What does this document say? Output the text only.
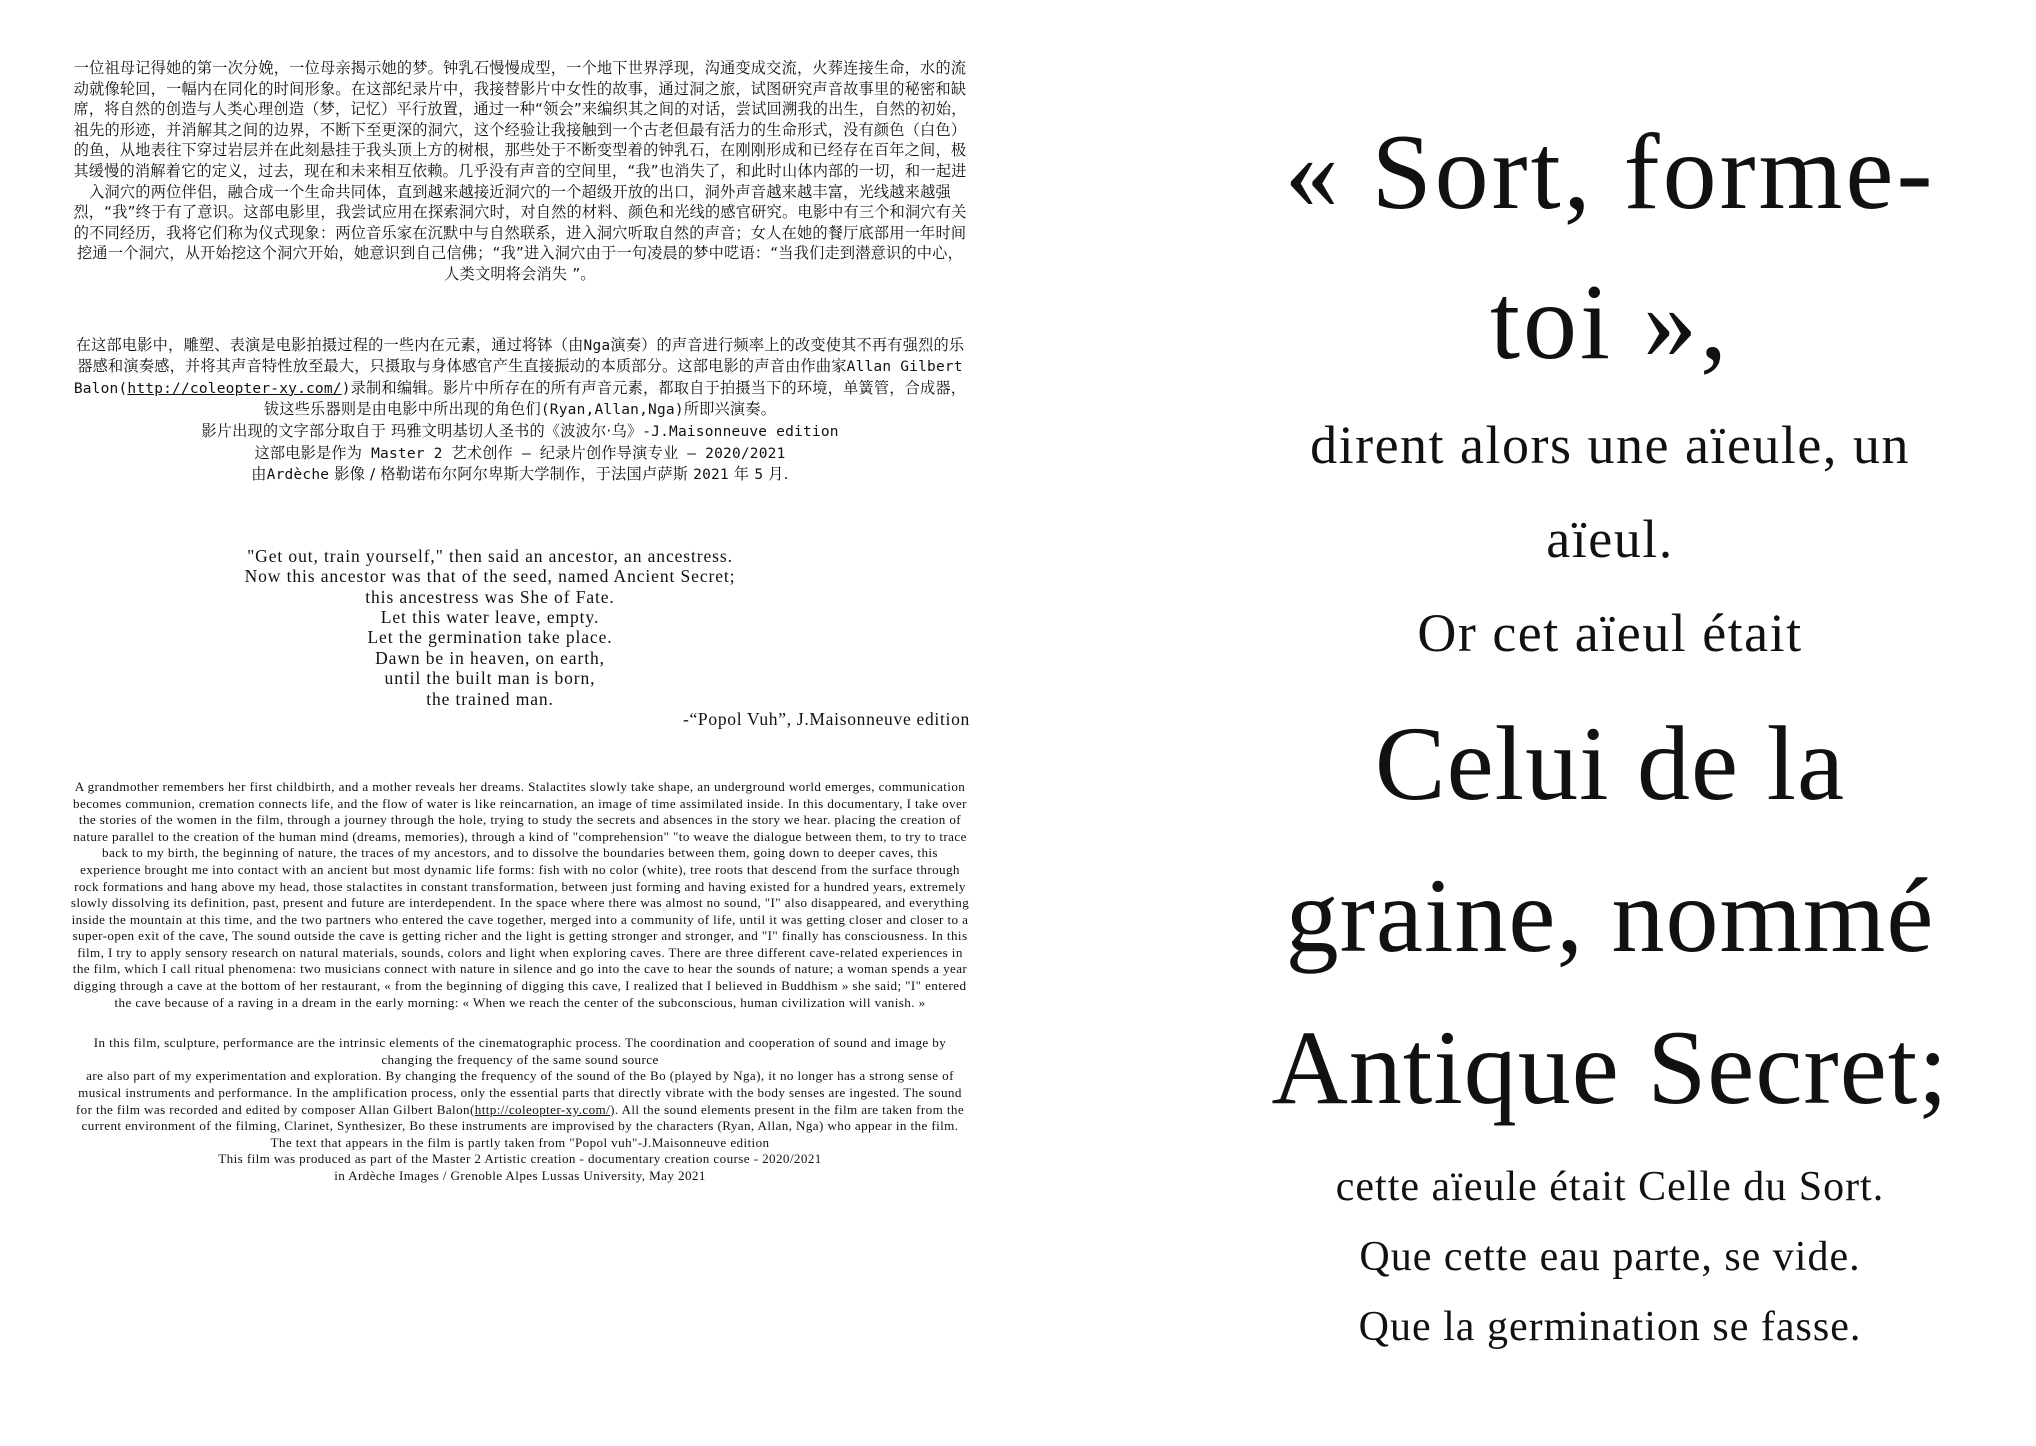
一位祖母记得她的第一次分娩，一位母亲揭示她的梦。钟乳石慢慢成型，一个地下世界浮现，沟通变成交流，火葬连接生命，水的流动就像轮回，一幅内在同化的时间形象。在这部纪录片中，我接替影片中女性的故事，通过洞之旅，试图研究声音故事里的秘密和缺席，将自然的创造与人类心理创造（梦，记忆）平行放置，通过一种“领会”来编织其之间的对话，尝试回溯我的出生，自然的初始，祖先的形迹，并消解其之间的边界，不断下至更深的洞穴，这个经验让我接触到一个古老但最有活力的生命形式，没有颜色（白色）的鱼，从地表往下穿过岩层并在此刻悬挂于我头顶上方的树根，那些处于不断变型着的钟乳石，在刚刚形成和已经存在百年之间，极其缓慢的消解着它的定义，过去，现在和未来相互依赖。几乎没有声音的空间里，“我”也消失了，和此时山体内部的一切，和一起进入洞穴的两位伴侣，融合成一个生命共同体，直到越来越接近洞穴的一个超级开放的出口，洞外声音越来越丰富，光线越来越强烈，“我”终于有了意识。这部电影里，我尝试应用在探索洞穴时，对自然的材料、颜色和光线的感官研究。电影中有三个和洞穴有关的不同经历，我将它们称为仪式现象：两位音乐家在沉默中与自然联系，进入洞穴听取自然的声音；女人在她的餐厅底部用一年时间挖通一个洞穴，从开始挖这个洞穴开始，她意识到自己信佛；“我”进入洞穴由于一句凌晨的梦中呓语：“当我们走到潜意识的中心，人类文明将会消失 ”。

在这部电影中，雕塑、表演是电影拍摄过程的一些内在元素，通过将钵（由Nga演奏）的声音进行频率上的改变使其不再有强烈的乐器感和演奏感，并将其声音特性放至最大，只摄取与身体感官产生直接振动的本质部分。这部电影的声音由作曲家Allan Gilbert Balon(http://coleopter-xy.com/)录制和编辑。影片中所存在的所有声音元素，都取自于拍摄当下的环境，单簧管，合成器，钹这些乐器则是由电影中所出现的角色们(Ryan,Allan,Nga)所即兴演奏。
影片出现的文字部分取自于 玛雅文明基切人圣书的《波波尔·乌》-J.Maisonneuve edition
这部电影是作为 Master 2 艺术创作 – 纪录片创作导演专业 – 2020/2021
由Ardèche 影像 / 格勒诺布尔阿尔卑斯大学制作，于法国卢萨斯 2021 年 5 月.
"Get out, train yourself," then said an ancestor, an ancestress.
Now this ancestor was that of the seed, named Ancient Secret;
this ancestress was She of Fate.
Let this water leave, empty.
Let the germination take place.
Dawn be in heaven, on earth,
until the built man is born,
the trained man.
-“Popol Vuh”, J.Maisonneuve edition

A grandmother remembers her first childbirth, and a mother reveals her dreams. Stalactites slowly take shape, an underground world emerges, communication becomes communion, cremation connects life, and the flow of water is like reincarnation, an image of time assimilated inside. In this documentary, I take over the stories of the women in the film, through a journey through the hole, trying to study the secrets and absences in the story we hear. placing the creation of nature parallel to the creation of the human mind (dreams, memories), through a kind of "comprehension" "to weave the dialogue between them, to try to trace back to my birth, the beginning of nature, the traces of my ancestors, and to dissolve the boundaries between them, going down to deeper caves, this experience brought me into contact with an ancient but most dynamic life forms: fish with no color (white), tree roots that descend from the surface through rock formations and hang above my head, those stalactites in constant transformation, between just forming and having existed for a hundred years, extremely slowly dissolving its definition, past, present and future are interdependent. In the space where there was almost no sound, "I" also disappeared, and everything inside the mountain at this time, and the two partners who entered the cave together, merged into a community of life, until it was getting closer and closer to a super-open exit of the cave, The sound outside the cave is getting richer and the light is getting stronger and stronger, and "I" finally has consciousness. In this film, I try to apply sensory research on natural materials, sounds, colors and light when exploring caves. There are three different cave-related experiences in the film, which I call ritual phenomena: two musicians connect with nature in silence and go into the cave to hear the sounds of nature; a woman spends a year digging through a cave at the bottom of her restaurant, « from the beginning of digging this cave, I realized that I believed in Buddhism » she said; "I" entered the cave because of a raving in a dream in the early morning: « When we reach the center of the subconscious, human civilization will vanish. »

In this film, sculpture, performance are the intrinsic elements of the cinematographic process. The coordination and cooperation of sound and image by changing the frequency of the same sound source
are also part of my experimentation and exploration. By changing the frequency of the sound of the Bo (played by Nga), it no longer has a strong sense of musical instruments and performance. In the amplification process, only the essential parts that directly vibrate with the body senses are ingested. The sound for the film was recorded and edited by composer Allan Gilbert Balon(http://coleopter-xy.com/). All the sound elements present in the film are taken from the current environment of the filming, Clarinet, Synthesizer, Bo these instruments are improvised by the characters (Ryan, Allan, Nga) who appear in the film.
The text that appears in the film is partly taken from "Popol vuh"-J.Maisonneuve edition
This film was produced as part of the Master 2 Artistic creation - documentary creation course - 2020/2021
in Ardèche Images / Grenoble Alpes Lussas University, May 2021

« Sort, forme-

toi »,

dirent alors une aïeule, un

aïeul.

Or cet aïeul était

Celui de la

graine, nommé

Antique Secret;

cette aïeule était Celle du Sort.

Que cette eau parte, se vide.

Que la germination se fasse.
